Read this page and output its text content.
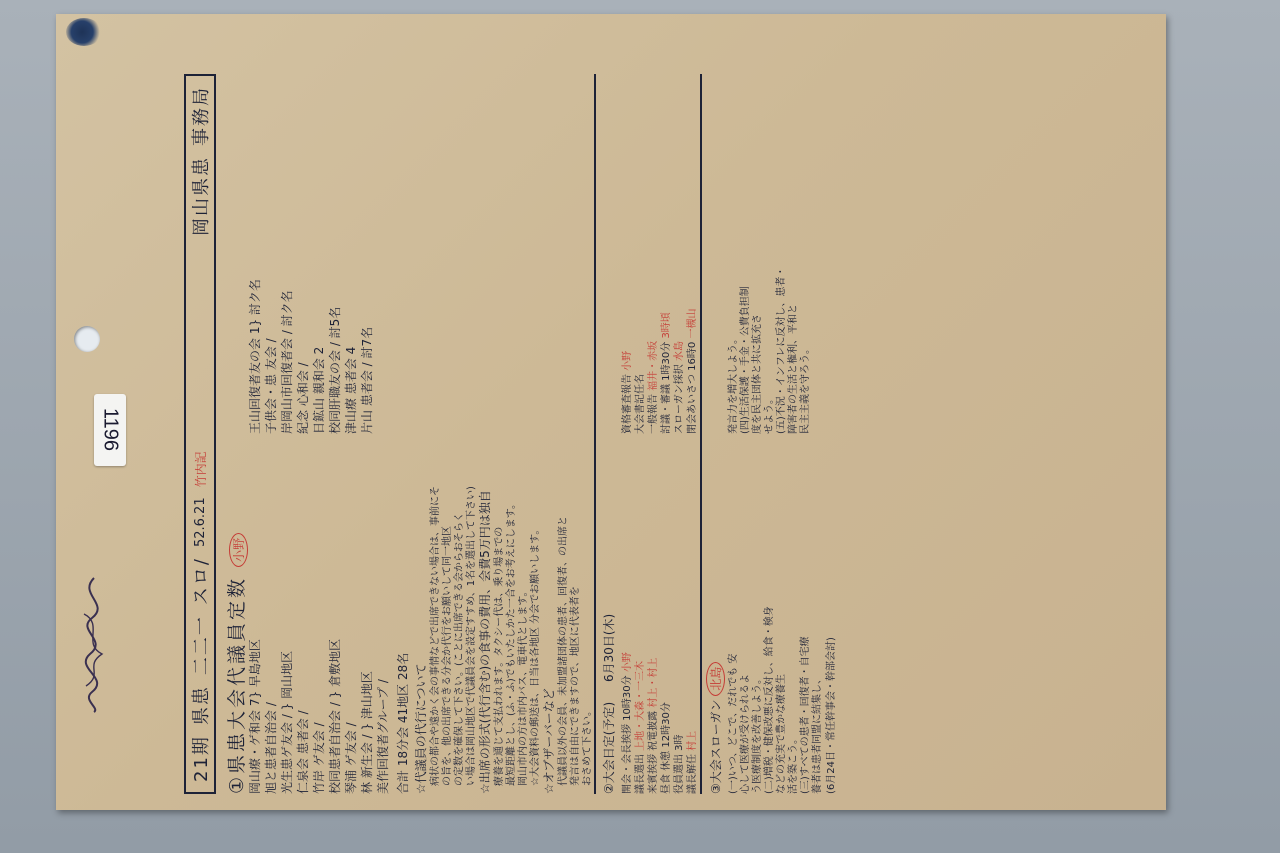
1196
21期
県患
二二一
スロ/
52.6.21
竹内記
岡山県患
事務局
①県患大会代議員定数 小野
岡山療・ゲ和会 7} 早島地区
王山回復者友の会 1} 討ク名
旭と患者自治会 /
子供会・患 友会 /
光生患ゲ友会 / } 岡山地区
岸岡山市回復者会 / 討ク名
仁泉会 患者会 /
紀念 心和会 /
竹岸 ゲ友会 /
日鉱山 親和会 2
校同患者自治会 / } 倉敷地区
校同肝職友の会 / 討5名
琴浦 ゲ友会 /
津山療 患者会 4
林 新生会 / } 津山地区
片山 患者会 / 討7名
美作回復者グループ / ☆代議員の代行について 病状の都合や遠かく会の事情などで出席できない場合は、事前にそ の旨を、他の出席できる分会か代行をお願いして同一地区 の定数を確保して下さい。(ことに出席できる会からおそらく い場合は岡山地区で代議員会を設定すすめ、1名を選出して下さい) ☆出席の形式(代行含む)の食事の費用、会費5万円は独自 療養を通じて支払われます。タクシー代は、乗り場までの 最短距離とし、(ふ・ふ)でもいたしかた一合をお考えにします。 岡山市内の方は市内バス、電車代とします。 ☆大会資料の郵送は、日当は各地区 分会でお願いします。 ☆オブザーバーなど 代議員以外の会員、未加盟諸団体の患者、回復者、の出席と 発言は自由にできますので、地区に代表者を おさめて下さい。
合計 18分会 41地区 28名	②大会日定(予定) 6月30日(木)
開会・会長挨拶 10時30分 小野
資格審査報告 小野
議長選出 上地・大森・一三木
大会書記任名
来賓挨拶 祝電披露 村上・村上
一般報告 福井・赤坂
昼食 休憩 12時30分
討議・審議 1時30分 3時頃
役員選出 3時
スローガン採択 水島
議長解任 村上
閉会あいさつ 16時0 一槻山
③大会スローガン 北島 (一)いつ、どこで、だれでも 安 心して医療が受けられるよ う医療制度を改善しよう。 (二)増税・健保改悪に反対し、給食・検身 などの充実で豊かな療養生 活を築こう。 (三)すべての患者・回復者・自宅療 養者は患者同盟に結集し、
発言力を増大しよう。 (四)生活保護・手金・公費負担制 度を民主団体と共に拡充さ せよう。 (五)不況・インフレに反対し、患者・ 障害者の生活と権利、平和と 民主主義を守ろう。
(6月24日・常任幹事会・幹部会討)
